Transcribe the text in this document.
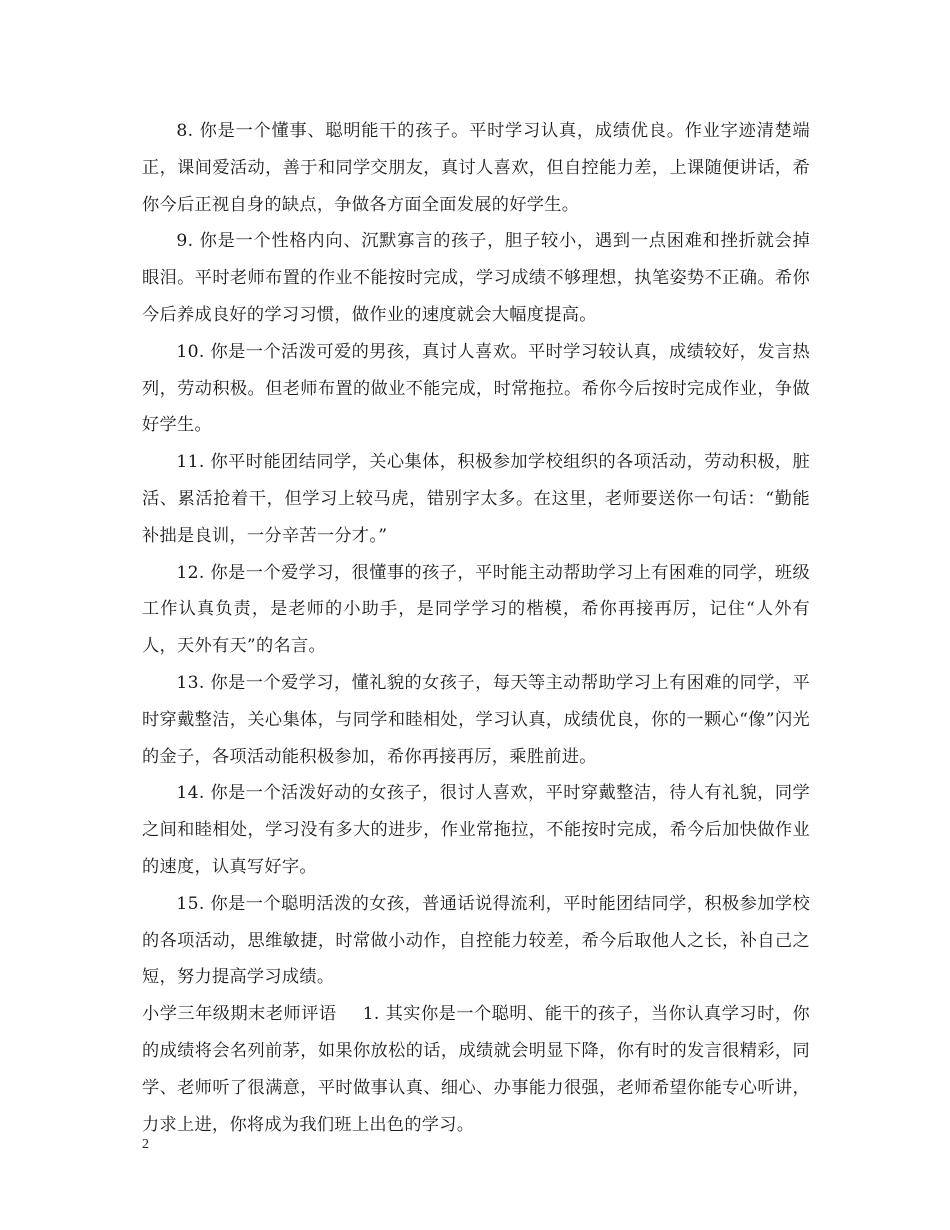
8. 你是一个懂事、聪明能干的孩子。平时学习认真，成绩优良。作业字迹清楚端正，课间爱活动，善于和同学交朋友，真讨人喜欢，但自控能力差，上课随便讲话，希你今后正视自身的缺点，争做各方面全面发展的好学生。

9. 你是一个性格内向、沉默寡言的孩子，胆子较小，遇到一点困难和挫折就会掉眼泪。平时老师布置的作业不能按时完成，学习成绩不够理想，执笔姿势不正确。希你今后养成良好的学习习惯，做作业的速度就会大幅度提高。

10. 你是一个活泼可爱的男孩，真讨人喜欢。平时学习较认真，成绩较好，发言热列，劳动积极。但老师布置的做业不能完成，时常拖拉。希你今后按时完成作业，争做好学生。

11. 你平时能团结同学，关心集体，积极参加学校组织的各项活动，劳动积极，脏活、累活抢着干，但学习上较马虎，错别字太多。在这里，老师要送你一句话：“勤能补拙是良训，一分辛苦一分才。”

12. 你是一个爱学习，很懂事的孩子，平时能主动帮助学习上有困难的同学，班级工作认真负责，是老师的小助手，是同学学习的楷模，希你再接再厉，记住“人外有人，天外有天”的名言。

13. 你是一个爱学习，懂礼貌的女孩子，每天等主动帮助学习上有困难的同学，平时穿戴整洁，关心集体，与同学和睦相处，学习认真，成绩优良，你的一颗心“像”闪光的金子，各项活动能积极参加，希你再接再厉，乘胜前进。

14. 你是一个活泼好动的女孩子，很讨人喜欢，平时穿戴整洁，待人有礼貌，同学之间和睦相处，学习没有多大的进步，作业常拖拉，不能按时完成，希今后加快做作业的速度，认真写好字。

15. 你是一个聪明活泼的女孩，普通话说得流利，平时能团结同学，积极参加学校的各项活动，思维敏捷，时常做小动作，自控能力较差，希今后取他人之长，补自己之短，努力提高学习成绩。

小学三年级期末老师评语 1. 其实你是一个聪明、能干的孩子，当你认真学习时，你的成绩将会名列前茅，如果你放松的话，成绩就会明显下降，你有时的发言很精彩，同学、老师听了很满意，平时做事认真、细心、办事能力很强，老师希望你能专心听讲，力求上进，你将成为我们班上出色的学习。

2
